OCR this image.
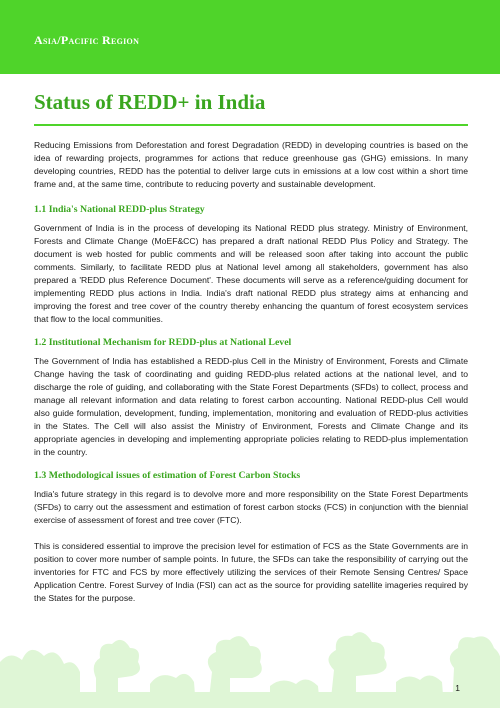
Asia/Pacific Region
Status of REDD+ in India

Reducing Emissions from Deforestation and forest Degradation (REDD) in developing countries is based on the idea of rewarding projects, programmes for actions that reduce greenhouse gas (GHG) emissions. In many developing countries, REDD has the potential to deliver large cuts in emissions at a low cost within a short time frame and, at the same time, contribute to reducing poverty and sustainable development.

1.1 India's National REDD-plus Strategy

Government of India is in the process of developing its National REDD plus strategy. Ministry of Environment, Forests and Climate Change (MoEF&CC) has prepared a draft national REDD Plus Policy and Strategy. The document is web hosted for public comments and will be released soon after taking into account the public comments. Similarly, to facilitate REDD plus at National level among all stakeholders, government has also prepared a 'REDD plus Reference Document'. These documents will serve as a reference/guiding document for implementing REDD plus actions in India. India's draft national REDD plus strategy aims at enhancing and improving the forest and tree cover of the country thereby enhancing the quantum of forest ecosystem services that flow to the local communities.

1.2 Institutional Mechanism for REDD-plus at National Level

The Government of India has established a REDD-plus Cell in the Ministry of Environment, Forests and Climate Change having the task of coordinating and guiding REDD-plus related actions at the national level, and to discharge the role of guiding, and collaborating with the State Forest Departments (SFDs) to collect, process and manage all relevant information and data relating to forest carbon accounting. National REDD-plus Cell would also guide formulation, development, funding, implementation, monitoring and evaluation of REDD-plus activities in the States. The Cell will also assist the Ministry of Environment, Forests and Climate Change and its appropriate agencies in developing and implementing appropriate policies relating to REDD-plus implementation in the country.

1.3 Methodological issues of estimation of Forest Carbon Stocks

India's future strategy in this regard is to devolve more and more responsibility on the State Forest Departments (SFDs) to carry out the assessment and estimation of forest carbon stocks (FCS) in conjunction with the biennial exercise of assessment of forest and tree cover (FTC).

This is considered essential to improve the precision level for estimation of FCS as the State Governments are in position to cover more number of sample points. In future, the SFDs can take the responsibility of carrying out the inventories for FTC and FCS by more effectively utilizing the services of their Remote Sensing Centres/ Space Application Centre. Forest Survey of India (FSI) can act as the source for providing satellite imageries required by the States for the purpose.

1
